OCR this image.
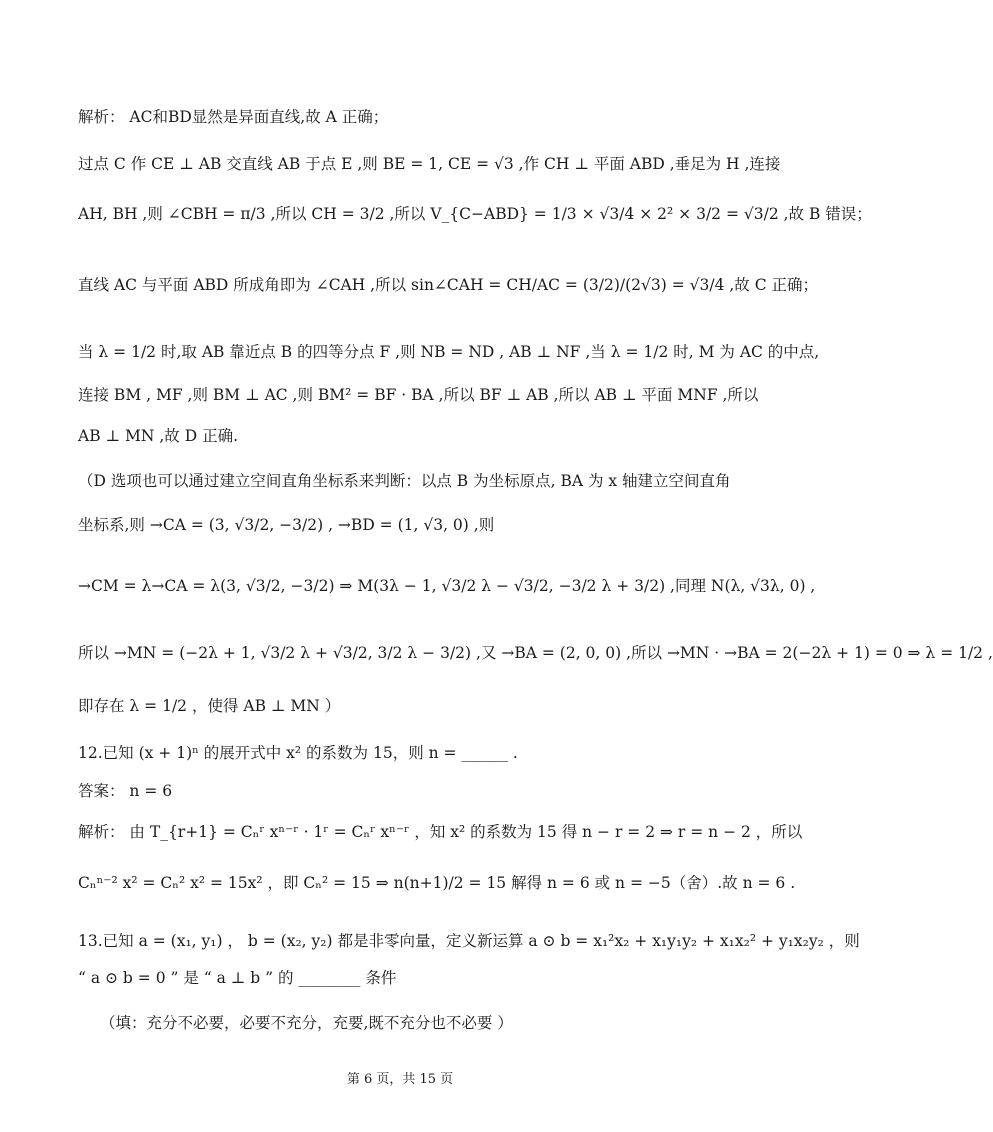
解析： AC和BD显然是异面直线,故 A 正确；
过点 C 作 CE ⊥ AB 交直线 AB 于点 E ,则 BE = 1, CE = √3 ,作 CH ⊥ 平面 ABD ,垂足为 H ,连接
AH, BH ,则 ∠CBH = π/3 ,所以 CH = 3/2 ,所以 V_{C−ABD} = 1/3 × √3/4 × 2² × 3/2 = √3/2 ,故 B 错误；
直线 AC 与平面 ABD 所成角即为 ∠CAH ,所以 sin∠CAH = CH/AC = (3/2)/(2√3) = √3/4 ,故 C 正确；
当 λ = 1/2 时,取 AB 靠近点 B 的四等分点 F ,则 NB = ND , AB ⊥ NF ,当 λ = 1/2 时, M 为 AC 的中点,
连接 BM , MF ,则 BM ⊥ AC ,则 BM² = BF · BA ,所以 BF ⊥ AB ,所以 AB ⊥ 平面 MNF ,所以
AB ⊥ MN ,故 D 正确.
（D 选项也可以通过建立空间直角坐标系来判断：以点 B 为坐标原点, BA 为 x 轴建立空间直角
坐标系,则 →CA = (3, √3/2, −3/2) , →BD = (1, √3, 0) ,则
→CM = λ→CA = λ(3, √3/2, −3/2) ⇒ M(3λ − 1, √3/2 λ − √3/2, −3/2 λ + 3/2) ,同理 N(λ, √3λ, 0) ,
所以 →MN = (−2λ + 1, √3/2 λ + √3/2, 3/2 λ − 3/2) ,又 →BA = (2, 0, 0) ,所以 →MN · →BA = 2(−2λ + 1) = 0 ⇒ λ = 1/2 ,
即存在 λ = 1/2 ，使得 AB ⊥ MN ）
12.已知 (x + 1)ⁿ 的展开式中 x² 的系数为 15，则 n = ______ .
答案： n = 6
解析： 由 T_{r+1} = Cₙʳ xⁿ⁻ʳ · 1ʳ = Cₙʳ xⁿ⁻ʳ ，知 x² 的系数为 15 得 n − r = 2 ⇒ r = n − 2 ，所以
Cₙⁿ⁻² x² = Cₙ² x² = 15x² ，即 Cₙ² = 15 ⇒ n(n+1)/2 = 15 解得 n = 6 或 n = −5（舍）.故 n = 6 .
13.已知 a = (x₁, y₁) ， b = (x₂, y₂) 都是非零向量，定义新运算 a ⊙ b = x₁²x₂ + x₁y₁y₂ + x₁x₂² + y₁x₂y₂ ，则
“ a ⊙ b = 0 ” 是 “ a ⊥ b ” 的 ________ 条件
（填：充分不必要，必要不充分，充要,既不充分也不必要 ）
第 6 页，共 15 页
